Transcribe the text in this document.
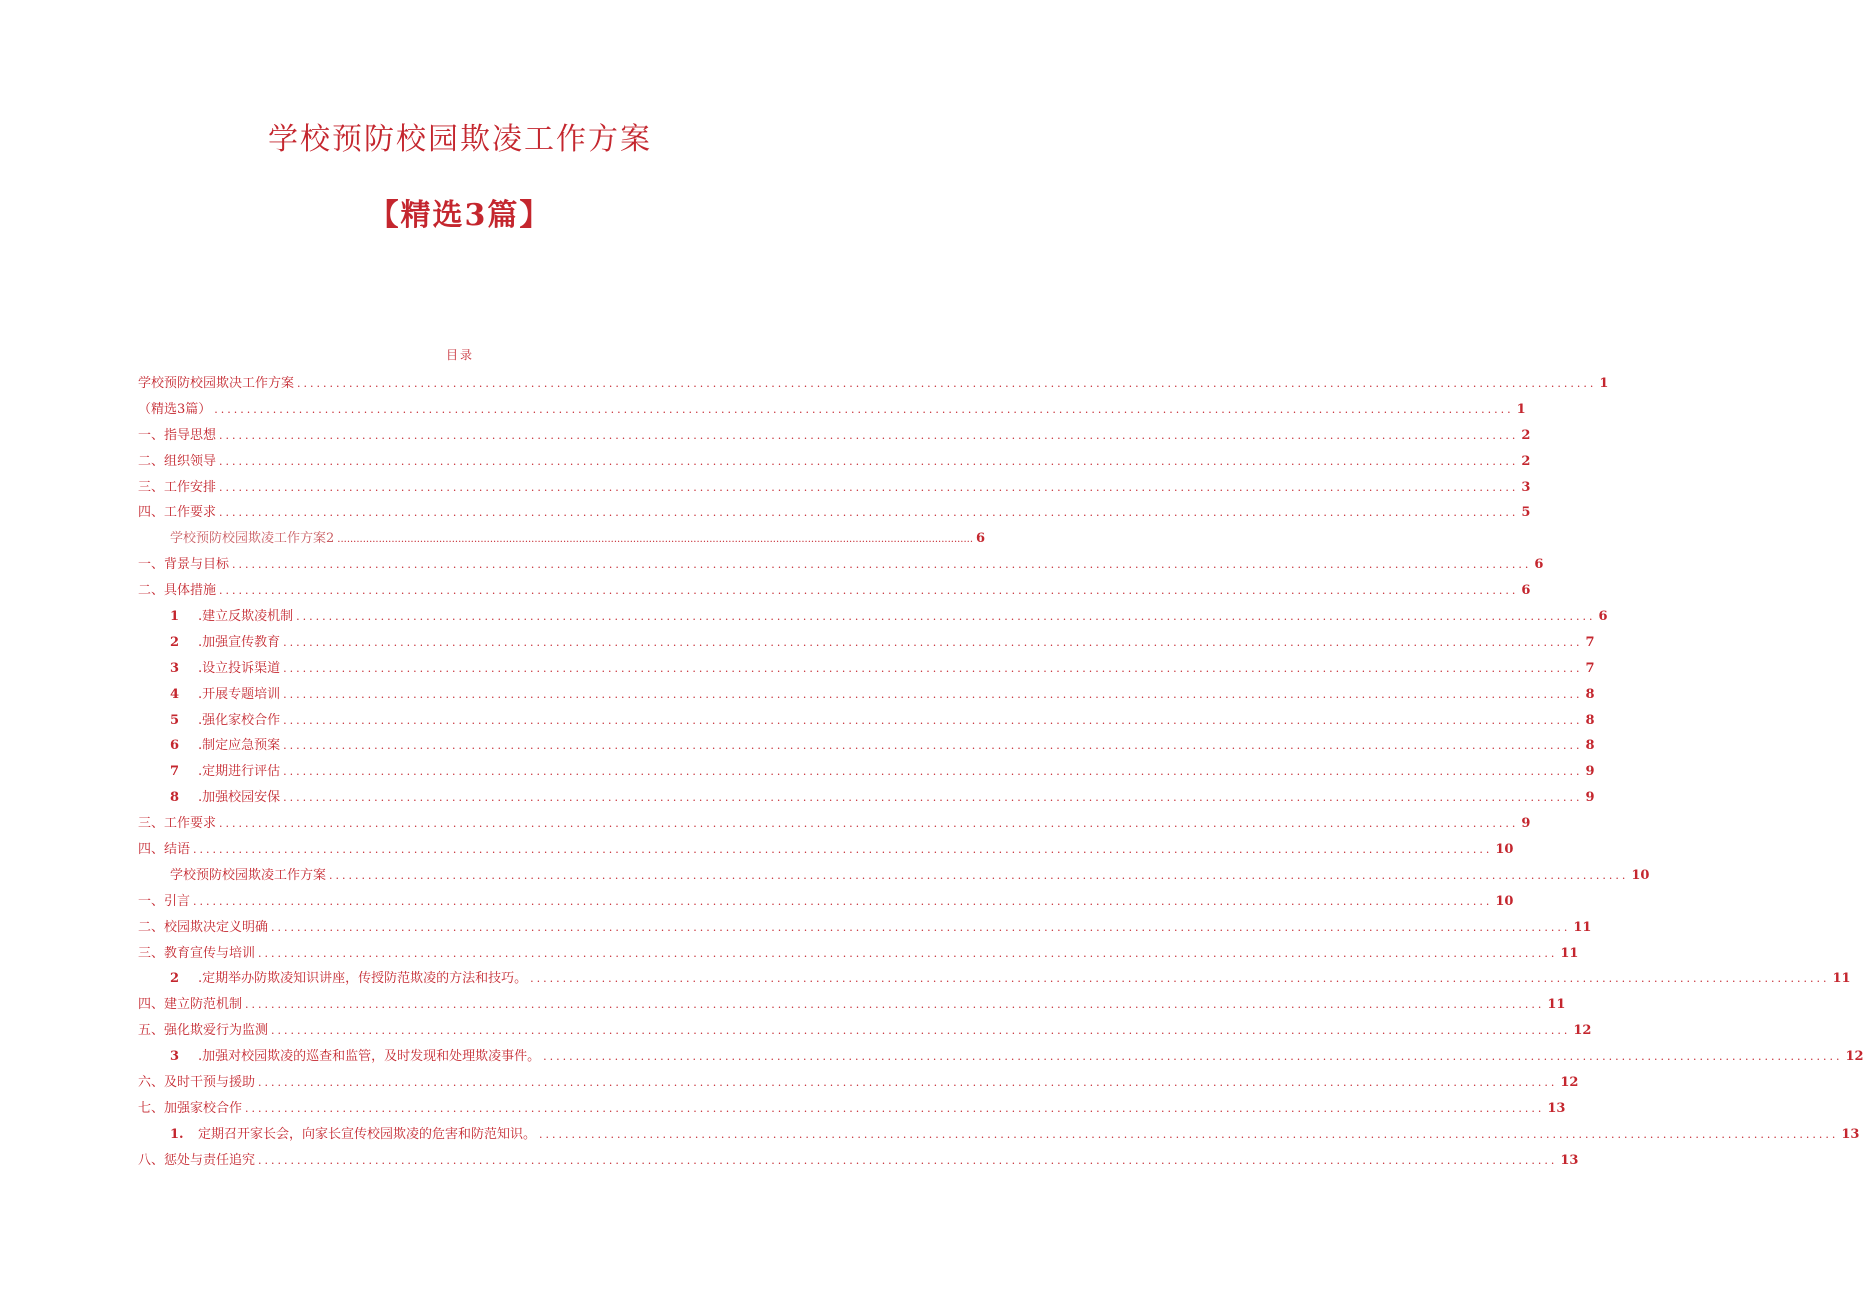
学校预防校园欺凌工作方案
【精选3篇】
目录
学校预防校园欺决工作方案 ........................................................................................................................................................................................................ 1
（精选3篇） ........................................................................................................................................................................................................ 1
一、指导思想 ........................................................................................................................................................................................................ 2
二、组织领导 ........................................................................................................................................................................................................ 2
三、工作安排 ........................................................................................................................................................................................................ 3
四、工作要求 ........................................................................................................................................................................................................ 5
学校预防校园欺凌工作方案2 ........................................................................................................................................................................................................ 6
一、背景与目标 ........................................................................................................................................................................................................ 6
二、具体措施 ........................................................................................................................................................................................................ 6
1 .建立反欺凌机制 ........................................................................................................................................................................................................ 6
2 .加强宣传教育 ........................................................................................................................................................................................................ 7
3 .设立投诉渠道 ........................................................................................................................................................................................................ 7
4 .开展专题培训 ........................................................................................................................................................................................................ 8
5 .强化家校合作 ........................................................................................................................................................................................................ 8
6 .制定应急预案 ........................................................................................................................................................................................................ 8
7 .定期进行评估 ........................................................................................................................................................................................................ 9
8 .加强校园安保 ........................................................................................................................................................................................................ 9
三、工作要求 ........................................................................................................................................................................................................ 9
四、结语 ........................................................................................................................................................................................................ 10
学校预防校园欺凌工作方案 ........................................................................................................................................................................................................ 10
一、引言 ........................................................................................................................................................................................................ 10
二、校园欺决定义明确 ........................................................................................................................................................................................................ 11
三、教育宣传与培训 ........................................................................................................................................................................................................ 11
2 .定期举办防欺凌知识讲座，传授防范欺凌的方法和技巧。 ........................................................................................................................................................................................................ 11
四、建立防范机制 ........................................................................................................................................................................................................ 11
五、强化欺爱行为监测 ........................................................................................................................................................................................................ 12
3 .加强对校园欺凌的巡查和监管，及时发现和处理欺凌事件。 ........................................................................................................................................................................................................ 12
六、及时干预与援助 ........................................................................................................................................................................................................ 12
七、加强家校合作 ........................................................................................................................................................................................................ 13
1. 定期召开家长会，向家长宣传校园欺凌的危害和防范知识。 ........................................................................................................................................................................................................ 13
八、惩处与责任追究 ........................................................................................................................................................................................................ 13
